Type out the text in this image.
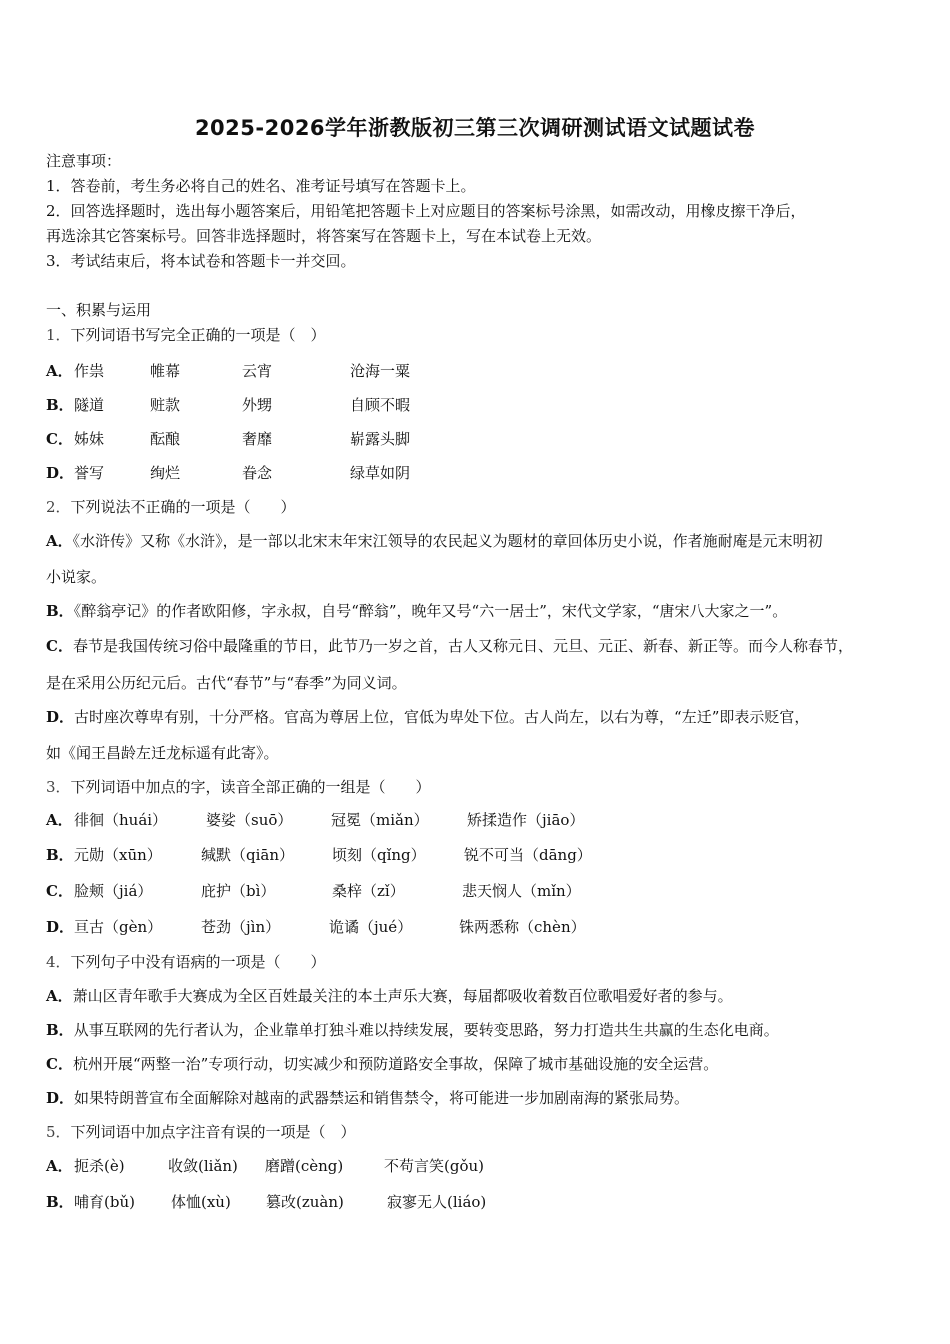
2025-2026学年浙教版初三第三次调研测试语文试题试卷
注意事项：
1．答卷前，考生务必将自己的姓名、准考证号填写在答题卡上。
2．回答选择题时，选出每小题答案后，用铅笔把答题卡上对应题目的答案标号涂黑，如需改动，用橡皮擦干净后，
再选涂其它答案标号。回答非选择题时，将答案写在答题卡上，写在本试卷上无效。
3．考试结束后，将本试卷和答题卡一并交回。
一、积累与运用
1．下列词语书写完全正确的一项是（　）
A． 作祟	帷幕	云宵	沧海一粟
B． 隧道	赃款	外甥	自顾不暇
C． 姊妹	酝酿	奢靡	崭露头脚
D． 誉写	绚烂	眷念	绿草如阴
2．下列说法不正确的一项是（　　）
A．《水浒传》又称《水浒》，是一部以北宋末年宋江领导的农民起义为题材的章回体历史小说，作者施耐庵是元末明初
小说家。
B．《醉翁亭记》的作者欧阳修，字永叔，自号“醉翁”，晚年又号“六一居士”，宋代文学家，“唐宋八大家之一”。
C．春节是我国传统习俗中最隆重的节日，此节乃一岁之首，古人又称元日、元旦、元正、新春、新正等。而今人称春节，
是在采用公历纪元后。古代“春节”与“春季”为同义词。
D．古时座次尊卑有别，十分严格。官高为尊居上位，官低为卑处下位。古人尚左，以右为尊，“左迁”即表示贬官，
如《闻王昌龄左迁龙标遥有此寄》。
3．下列词语中加点的字，读音全部正确的一组是（　　）
A． 徘徊（huái）	婆娑（suō）	冠冕（miǎn）	矫揉造作（jiāo）
B． 元勋（xūn）	缄默（qiān）	顷刻（qǐng）	锐不可当（dāng）
C． 脸颊（jiá）	庇护（bì）	桑梓（zǐ）	悲天悯人（mǐn）
D． 亘古（gèn）	苍劲（jìn）	诡谲（jué）	铢两悉称（chèn）
4．下列句子中没有语病的一项是（　　）
A．萧山区青年歌手大赛成为全区百姓最关注的本土声乐大赛，每届都吸收着数百位歌唱爱好者的参与。
B．从事互联网的先行者认为，企业靠单打独斗难以持续发展，要转变思路，努力打造共生共赢的生态化电商。
C．杭州开展“两整一治”专项行动，切实减少和预防道路安全事故，保障了城市基础设施的安全运营。
D．如果特朗普宣布全面解除对越南的武器禁运和销售禁令，将可能进一步加剧南海的紧张局势。
5．下列词语中加点字注音有误的一项是（　）
A． 扼杀(è)	收敛(liǎn) 磨蹭(cèng)	不苟言笑(gǒu)
B． 哺育(bǔ) 体恤(xù) 篡改(zuàn)	寂寥无人(liáo)
